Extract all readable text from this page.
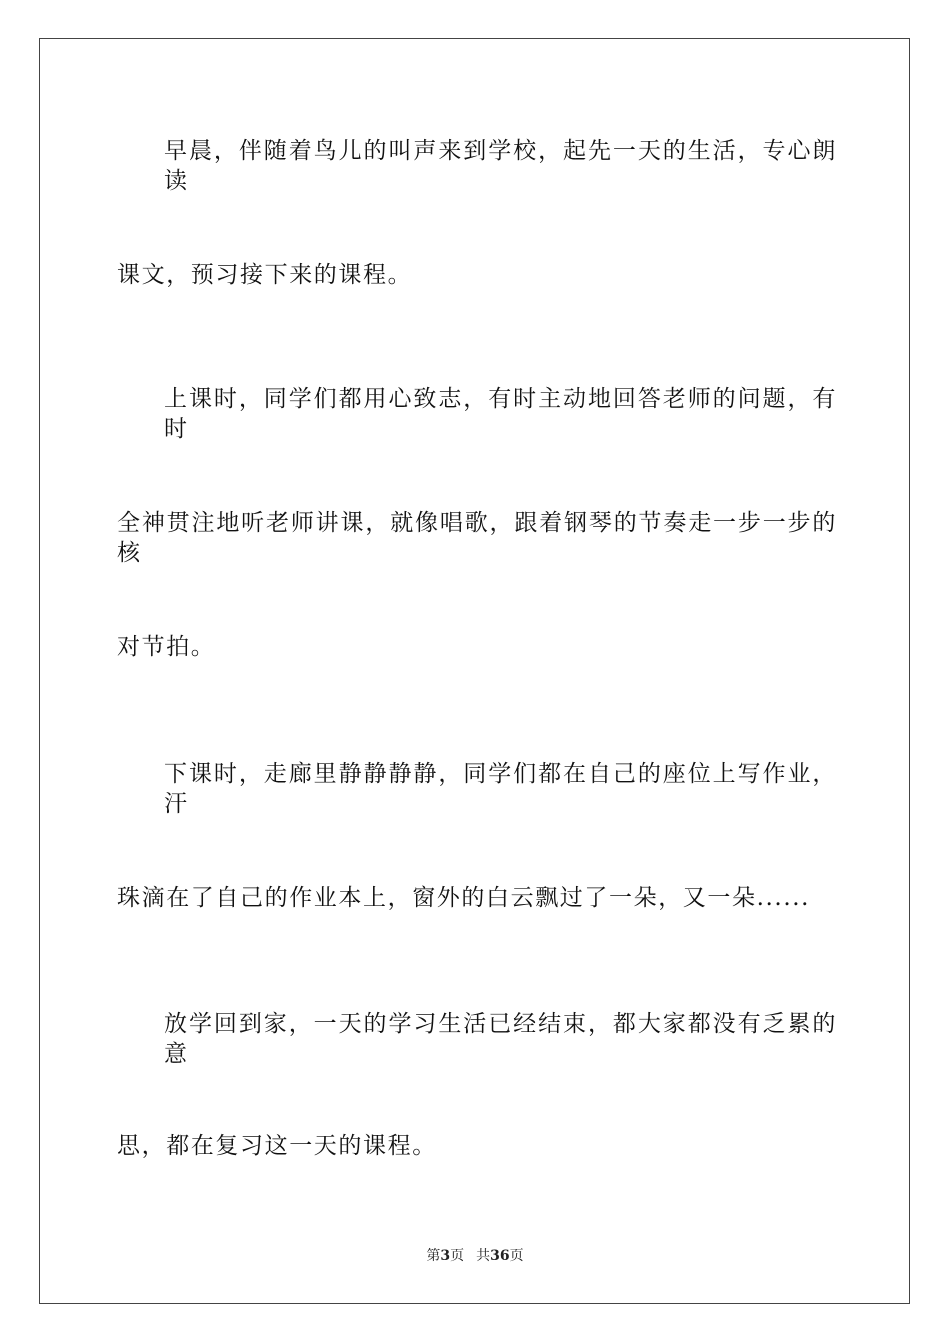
早晨，伴随着鸟儿的叫声来到学校，起先一天的生活，专心朗读
课文，预习接下来的课程。
上课时，同学们都用心致志，有时主动地回答老师的问题，有时
全神贯注地听老师讲课，就像唱歌，跟着钢琴的节奏走一步一步的核
对节拍。
下课时，走廊里静静静静，同学们都在自己的座位上写作业，汗
珠滴在了自己的作业本上，窗外的白云飘过了一朵，又一朵......
放学回到家，一天的学习生活已经结束，都大家都没有乏累的意
思，都在复习这一天的课程。
第3页 共36页
